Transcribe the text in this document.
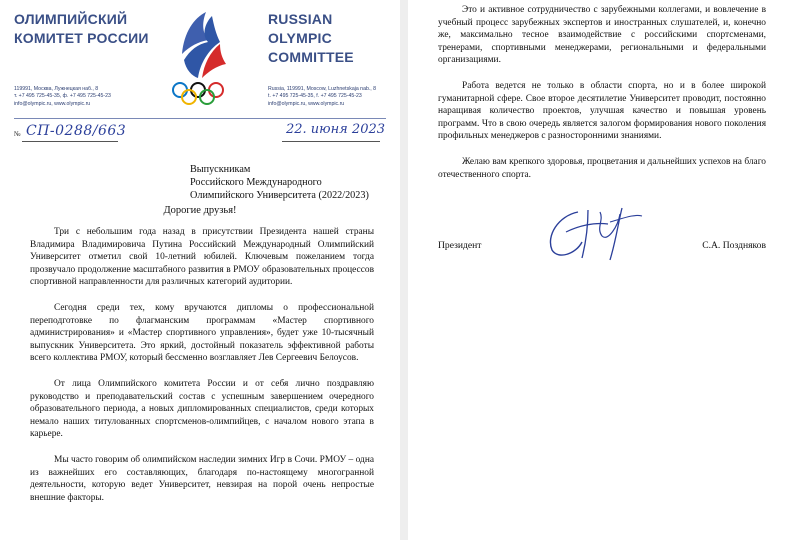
ОЛИМПИЙСКИЙ
КОМИТЕТ РОССИИ
RUSSIAN OLYMPIC
COMMITTEE
119991, Москва, Лужнецкая наб., 8
т. +7 495 725-45-35, ф. +7 495 725-45-23
info@olympic.ru, www.olympic.ru
Russia, 119991, Moscow, Luzhnetskaja nab., 8
t. +7 495 725-45-35, f. +7 495 725-45-23
info@olympic.ru, www.olympic.ru
№ СП-0288/663	22. июня 2023
Выпускникам
Российского Международного
Олимпийского Университета (2022/2023)
Дорогие друзья!

Три с небольшим года назад в присутствии Президента нашей страны Владимира Владимировича Путина Российский Международный Олимпийский Университет отметил свой 10-летний юбилей. Ключевым пожеланием тогда прозвучало продолжение масштабного развития в РМОУ образовательных процессов спортивной направленности для различных категорий аудитории.

Сегодня среди тех, кому вручаются дипломы о профессиональной переподготовке по флагманским программам «Мастер спортивного администрирования» и «Мастер спортивного управления», будет уже 10-тысячный выпускник Университета. Это яркий, достойный показатель эффективной работы всего коллектива РМОУ, который бессменно возглавляет Лев Сергеевич Белоусов.

От лица Олимпийского комитета России и от себя лично поздравляю руководство и преподавательский состав с успешным завершением очередного образовательного периода, а новых дипломированных специалистов, среди которых немало наших титулованных спортсменов-олимпийцев, с началом нового этапа в карьере.

Мы часто говорим об олимпийском наследии зимних Игр в Сочи. РМОУ – одна из важнейших его составляющих, благодаря по-настоящему многогранной деятельности, которую ведет Университет, невзирая на порой очень непростые внешние факторы.

Это и активное сотрудничество с зарубежными коллегами, и вовлечение в учебный процесс зарубежных экспертов и иностранных слушателей, и, конечно же, максимально тесное взаимодействие с российскими спортсменами, тренерами, спортивными менеджерами, региональными и федеральными организациями.

Работа ведется не только в области спорта, но и в более широкой гуманитарной сфере. Свое второе десятилетие Университет проводит, постоянно наращивая количество проектов, улучшая качество и повышая уровень программ. Что в свою очередь является залогом формирования нового поколения профильных менеджеров с разносторонними знаниями.

Желаю вам крепкого здоровья, процветания и дальнейших успехов на благо отечественного спорта.

Президент	С.А. Поздняков
